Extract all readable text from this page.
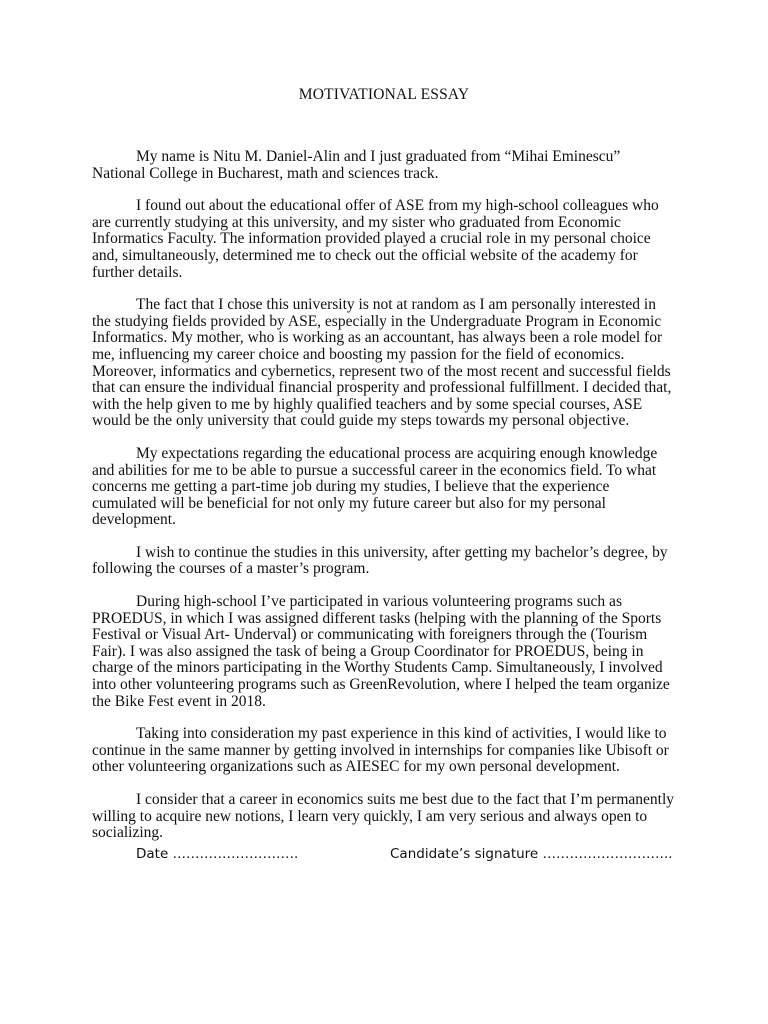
MOTIVATIONAL ESSAY

My name is Nitu M. Daniel-Alin and I just graduated from “Mihai Eminescu” National College in Bucharest, math and sciences track.

I found out about the educational offer of ASE from my high-school colleagues who are currently studying at this university, and my sister who graduated from Economic Informatics Faculty. The information provided played a crucial role in my personal choice and, simultaneously, determined me to check out the official website of the academy for further details.

The fact that I chose this university is not at random as I am personally interested in the studying fields provided by ASE, especially in the Undergraduate Program in Economic Informatics. My mother, who is working as an accountant, has always been a role model for me, influencing my career choice and boosting my passion for the field of economics. Moreover, informatics and cybernetics, represent two of the most recent and successful fields that can ensure the individual financial prosperity and professional fulfillment. I decided that, with the help given to me by highly qualified teachers and by some special courses, ASE would be the only university that could guide my steps towards my personal objective.

My expectations regarding the educational process are acquiring enough knowledge and abilities for me to be able to pursue a successful career in the economics field. To what concerns me getting a part-time job during my studies, I believe that the experience cumulated will be beneficial for not only my future career but also for my personal development.

I wish to continue the studies in this university, after getting my bachelor’s degree, by following the courses of a master’s program.

During high-school I’ve participated in various volunteering programs such as PROEDUS, in which I was assigned different tasks (helping with the planning of the Sports Festival or Visual Art- Underval) or communicating with foreigners through the (Tourism Fair). I was also assigned the task of being a Group Coordinator for PROEDUS, being in charge of the minors participating in the Worthy Students Camp. Simultaneously, I involved into other volunteering programs such as GreenRevolution, where I helped the team organize the Bike Fest event in 2018.

Taking into consideration my past experience in this kind of activities, I would like to continue in the same manner by getting involved in internships for companies like Ubisoft or other volunteering organizations such as AIESEC for my own personal development.

I consider that a career in economics suits me best due to the fact that I’m permanently willing to acquire new notions, I learn very quickly, I am very serious and always open to socializing.

Date ……………………….	Candidate’s signature ………………………..
